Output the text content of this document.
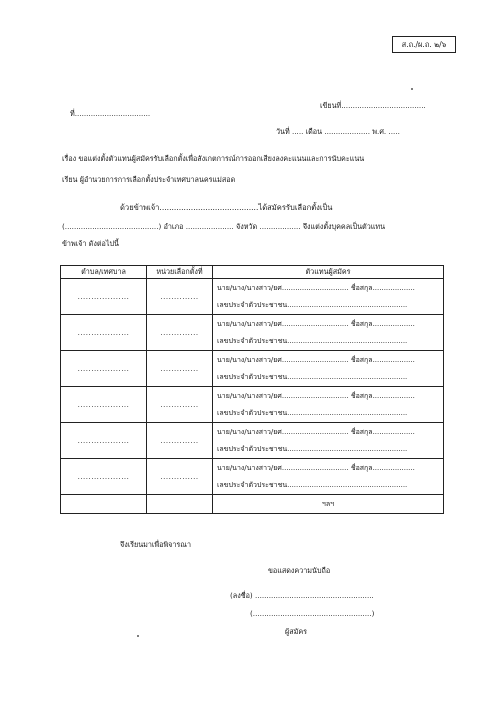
ส.ถ./ผ.ถ. ๒/๖
เขียนที่.....................................
ที่.................................
วันที่ ..... เดือน .................... พ.ศ. .....
เรื่อง ขอแต่งตั้งตัวแทนผู้สมัครรับเลือกตั้งเพื่อสังเกตการณ์การออกเสียงลงคะแนนและการนับคะแนน
เรียน ผู้อำนวยการการเลือกตั้งประจำเทศบาลนครแม่สอด
ด้วยข้าพเจ้า.........................................ได้สมัครรับเลือกตั้งเป็น
(.........................................) อำเภอ ..................... จังหวัด .................. จึงแต่งตั้งบุคคลเป็นตัวแทน
ข้าพเจ้า ดังต่อไปนี้
ตำบล/เทศบาล	หน่วยเลือกตั้งที่	ตัวแทนผู้สมัคร
...................	..............	นาย/นาง/นางสาว/ยศ.............................. ชื่อสกุล...................
เลขประจำตัวประชาชน......................................................

...................	..............	นาย/นาง/นางสาว/ยศ.............................. ชื่อสกุล...................
เลขประจำตัวประชาชน......................................................

...................	..............	นาย/นาง/นางสาว/ยศ.............................. ชื่อสกุล...................
เลขประจำตัวประชาชน......................................................

...................	..............	นาย/นาง/นางสาว/ยศ.............................. ชื่อสกุล...................
เลขประจำตัวประชาชน......................................................

...................	..............	นาย/นาง/นางสาว/ยศ.............................. ชื่อสกุล...................
เลขประจำตัวประชาชน......................................................

...................	..............	นาย/นาง/นางสาว/ยศ.............................. ชื่อสกุล...................
เลขประจำตัวประชาชน......................................................

		ฯลฯ
จึงเรียนมาเพื่อพิจารณา
ขอแสดงความนับถือ
(ลงชื่อ) ....................................................
(....................................................)
ผู้สมัคร
